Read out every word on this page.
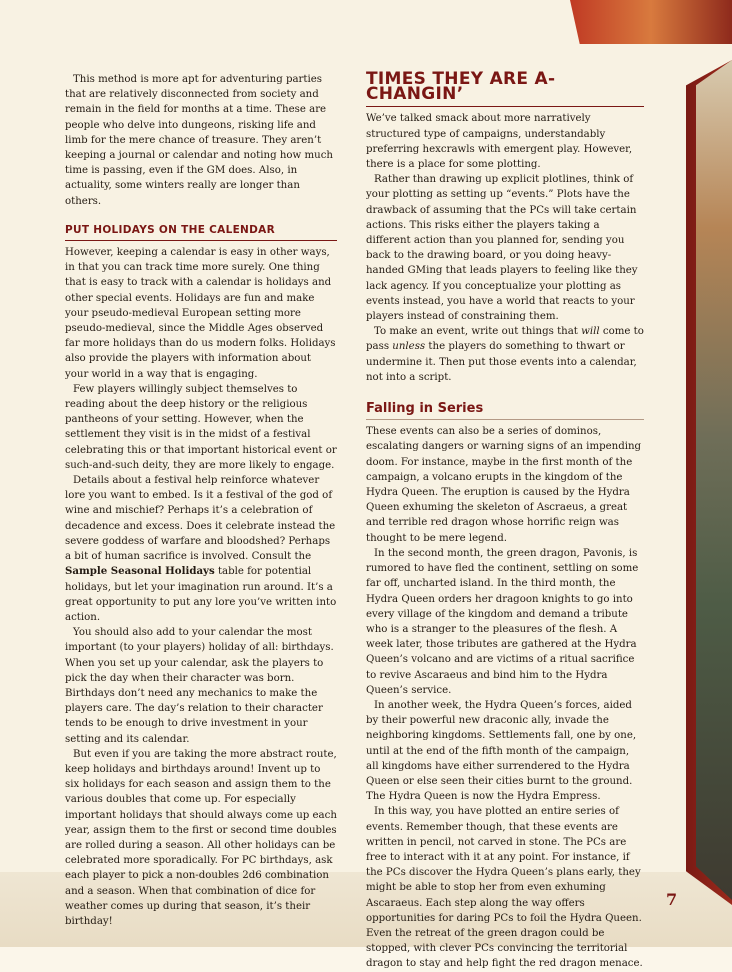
This method is more apt for adventuring parties that are relatively disconnected from society and remain in the field for months at a time. These are people who delve into dungeons, risking life and limb for the mere chance of treasure. They aren’t keeping a journal or calendar and noting how much time is passing, even if the GM does. Also, in actuality, some winters really are longer than others.

PUT HOLIDAYS ON THE CALENDAR

However, keeping a calendar is easy in other ways, in that you can track time more surely. One thing that is easy to track with a calendar is holidays and other special events. Holidays are fun and make your pseudo-medieval European setting more pseudo-medieval, since the Middle Ages observed far more holidays than do us modern folks. Holidays also provide the players with information about your world in a way that is engaging.

Few players willingly subject themselves to reading about the deep history or the religious pantheons of your setting. However, when the settlement they visit is in the midst of a festival celebrating this or that important historical event or such-and-such deity, they are more likely to engage.

Details about a festival help reinforce whatever lore you want to embed. Is it a festival of the god of wine and mischief? Perhaps it’s a celebration of decadence and excess. Does it celebrate instead the severe goddess of warfare and bloodshed? Perhaps a bit of human sacrifice is involved. Consult the Sample Seasonal Holidays table for potential holidays, but let your imagination run around. It’s a great opportunity to put any lore you’ve written into action.

You should also add to your calendar the most important (to your players) holiday of all: birthdays. When you set up your calendar, ask the players to pick the day when their character was born. Birthdays don’t need any mechanics to make the players care. The day’s relation to their character tends to be enough to drive investment in your setting and its calendar.

But even if you are taking the more abstract route, keep holidays and birthdays around! Invent up to six holidays for each season and assign them to the various doubles that come up. For especially important holidays that should always come up each year, assign them to the first or second time doubles are rolled during a season. All other holidays can be celebrated more sporadically. For PC birthdays, ask each player to pick a non-doubles 2d6 combination and a season. When that combination of dice for weather comes up during that season, it’s their birthday!

TIMES THEY ARE A-CHANGIN’

We’ve talked smack about more narratively structured type of campaigns, understandably preferring hexcrawls with emergent play. However, there is a place for some plotting.

Rather than drawing up explicit plotlines, think of your plotting as setting up “events.” Plots have the drawback of assuming that the PCs will take certain actions. This risks either the players taking a different action than you planned for, sending you back to the drawing board, or you doing heavy-handed GMing that leads players to feeling like they lack agency. If you conceptualize your plotting as events instead, you have a world that reacts to your players instead of constraining them.

To make an event, write out things that will come to pass unless the players do something to thwart or undermine it. Then put those events into a calendar, not into a script.

Falling in Series

These events can also be a series of dominos, escalating dangers or warning signs of an impending doom. For instance, maybe in the first month of the campaign, a volcano erupts in the kingdom of the Hydra Queen. The eruption is caused by the Hydra Queen exhuming the skeleton of Ascraeus, a great and terrible red dragon whose horrific reign was thought to be mere legend.

In the second month, the green dragon, Pavonis, is rumored to have fled the continent, settling on some far off, uncharted island. In the third month, the Hydra Queen orders her dragoon knights to go into every village of the kingdom and demand a tribute who is a stranger to the pleasures of the flesh. A week later, those tributes are gathered at the Hydra Queen’s volcano and are victims of a ritual sacrifice to revive Ascaraeus and bind him to the Hydra Queen’s service.

In another week, the Hydra Queen’s forces, aided by their powerful new draconic ally, invade the neighboring kingdoms. Settlements fall, one by one, until at the end of the fifth month of the campaign, all kingdoms have either surrendered to the Hydra Queen or else seen their cities burnt to the ground. The Hydra Queen is now the Hydra Empress.

In this way, you have plotted an entire series of events. Remember though, that these events are written in pencil, not carved in stone. The PCs are free to interact with it at any point. For instance, if the PCs discover the Hydra Queen’s plans early, they might be able to stop her from even exhuming Ascaraeus. Each step along the way offers opportunities for daring PCs to foil the Hydra Queen. Even the retreat of the green dragon could be stopped, with clever PCs convincing the territorial dragon to stay and help fight the red dragon menace.

7
